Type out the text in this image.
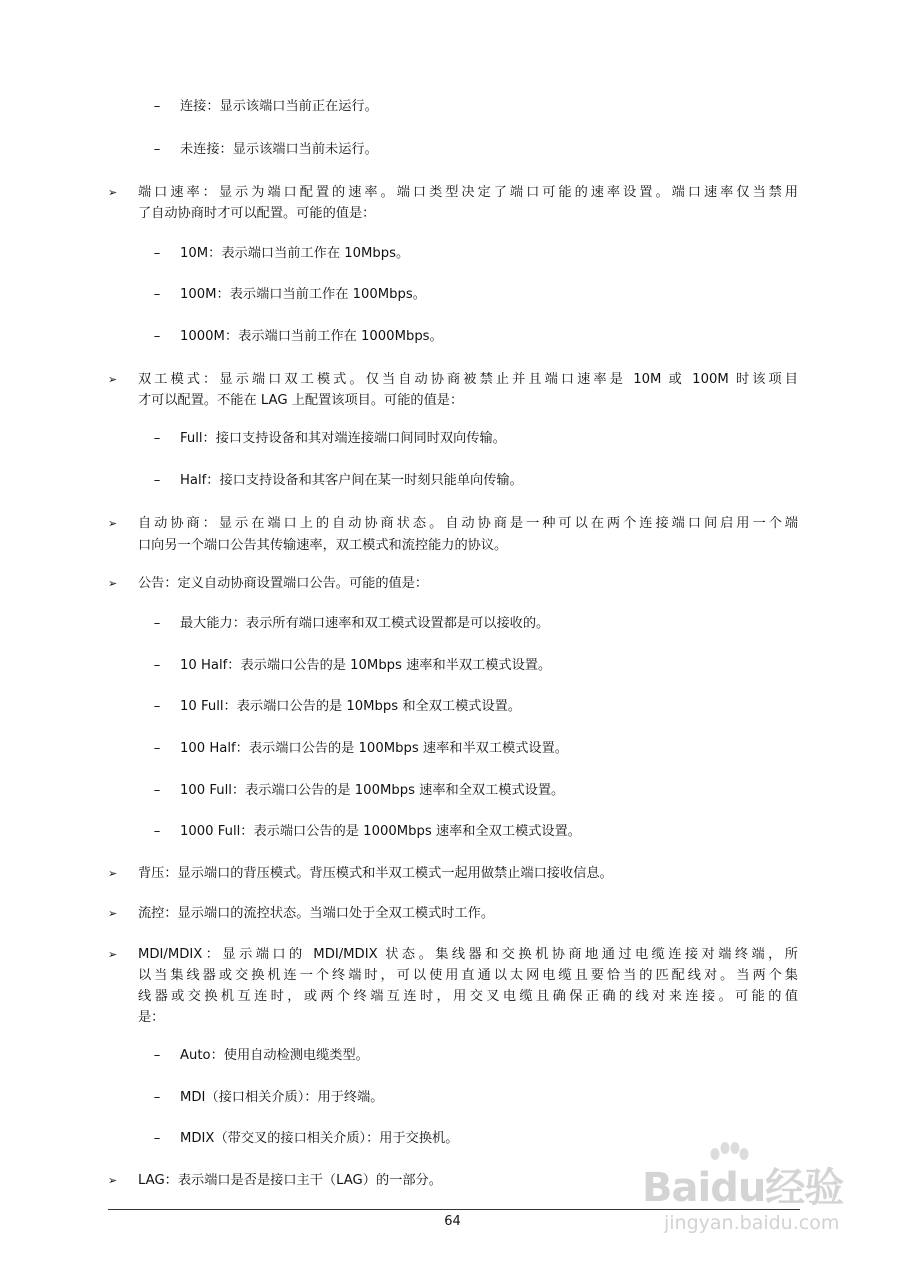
– 连接：显示该端口当前正在运行。
– 未连接：显示该端口当前未运行。
➢	端口速率：显示为端口配置的速率。端口类型决定了端口可能的速率设置。端口速率仅当禁用
了自动协商时才可以配置。可能的值是：
– 10M：表示端口当前工作在 10Mbps。
– 100M：表示端口当前工作在 100Mbps。
– 1000M：表示端口当前工作在 1000Mbps。
➢	双工模式：显示端口双工模式。仅当自动协商被禁止并且端口速率是 10M 或 100M 时该项目
才可以配置。不能在 LAG 上配置该项目。可能的值是：
– Full：接口支持设备和其对端连接端口间同时双向传输。
– Half：接口支持设备和其客户间在某一时刻只能单向传输。
➢	自动协商：显示在端口上的自动协商状态。自动协商是一种可以在两个连接端口间启用一个端
口向另一个端口公告其传输速率，双工模式和流控能力的协议。
➢	公告：定义自动协商设置端口公告。可能的值是：
– 最大能力：表示所有端口速率和双工模式设置都是可以接收的。
– 10 Half：表示端口公告的是 10Mbps 速率和半双工模式设置。
– 10 Full：表示端口公告的是 10Mbps 和全双工模式设置。
– 100 Half：表示端口公告的是 100Mbps 速率和半双工模式设置。
– 100 Full：表示端口公告的是 100Mbps 速率和全双工模式设置。
– 1000 Full：表示端口公告的是 1000Mbps 速率和全双工模式设置。
➢	背压：显示端口的背压模式。背压模式和半双工模式一起用做禁止端口接收信息。
➢	流控：显示端口的流控状态。当端口处于全双工模式时工作。
➢	MDI/MDIX：显示端口的 MDI/MDIX 状态。集线器和交换机协商地通过电缆连接对端终端，所
以当集线器或交换机连一个终端时，可以使用直通以太网电缆且要恰当的匹配线对。当两个集
线器或交换机互连时，或两个终端互连时，用交叉电缆且确保正确的线对来连接。可能的值
是：
– Auto：使用自动检测电缆类型。
– MDI（接口相关介质）：用于终端。
– MDIX（带交叉的接口相关介质）：用于交换机。
➢	LAG：表示端口是否是接口主干（LAG）的一部分。
64
Baidu经验
jingyan.baidu.com
